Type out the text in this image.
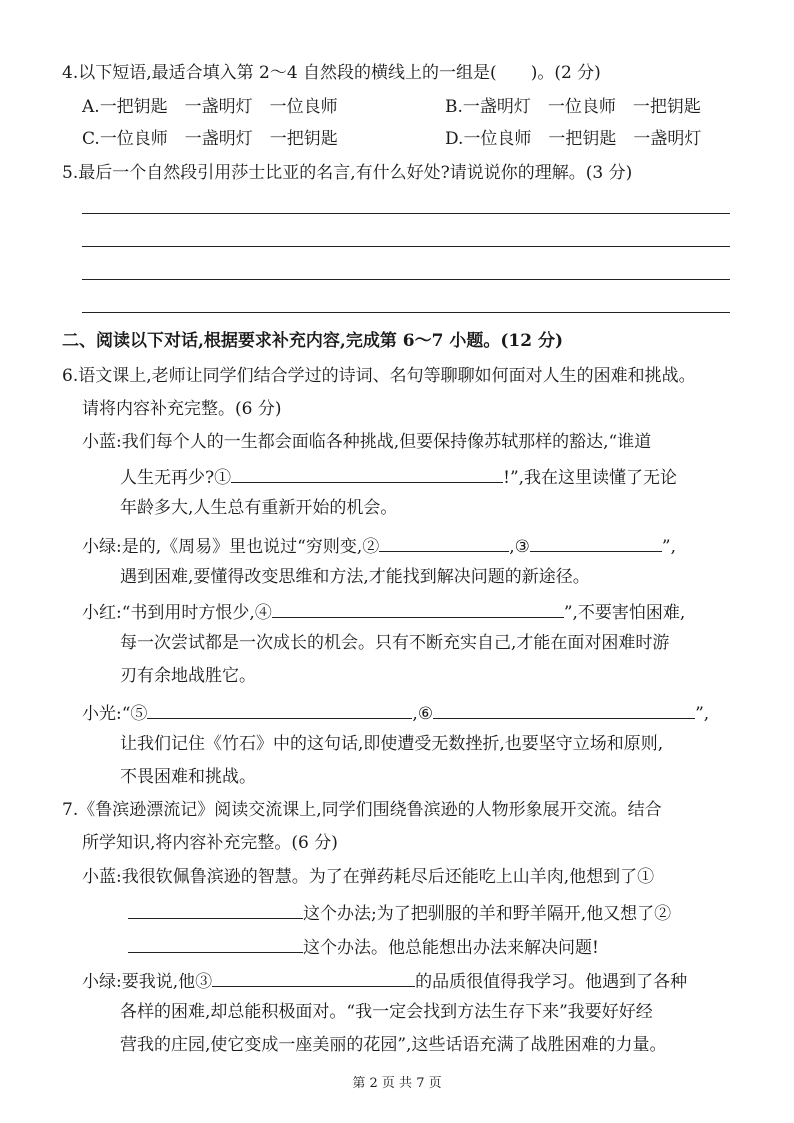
4.以下短语,最适合填入第 2～4 自然段的横线上的一组是(　　)。(2 分)
A.一把钥匙　一盏明灯　一位良师	B.一盏明灯　一位良师　一把钥匙
C.一位良师　一盏明灯　一把钥匙	D.一位良师　一把钥匙　一盏明灯
5.最后一个自然段引用莎士比亚的名言,有什么好处?请说说你的理解。(3 分)
二、阅读以下对话,根据要求补充内容,完成第 6～7 小题。(12 分)
6.语文课上,老师让同学们结合学过的诗词、名句等聊聊如何面对人生的困难和挑战。
请将内容补充完整。(6 分)
小蓝:我们每个人的一生都会面临各种挑战,但要保持像苏轼那样的豁达,“谁道
人生无再少?①	!”,我在这里读懂了无论
年龄多大,人生总有重新开始的机会。
小绿:是的,《周易》里也说过“穷则变,②	,③	”,
遇到困难,要懂得改变思维和方法,才能找到解决问题的新途径。
小红:“书到用时方恨少,④	”,不要害怕困难,
每一次尝试都是一次成长的机会。只有不断充实自己,才能在面对困难时游
刃有余地战胜它。
小光:“⑤	,⑥	”,
让我们记住《竹石》中的这句话,即使遭受无数挫折,也要坚守立场和原则,
不畏困难和挑战。
7.《鲁滨逊漂流记》阅读交流课上,同学们围绕鲁滨逊的人物形象展开交流。结合
所学知识,将内容补充完整。(6 分)
小蓝:我很钦佩鲁滨逊的智慧。为了在弹药耗尽后还能吃上山羊肉,他想到了①
这个办法;为了把驯服的羊和野羊隔开,他又想了②
这个办法。他总能想出办法来解决问题!
小绿:要我说,他③	的品质很值得我学习。他遇到了各种
各样的困难,却总能积极面对。“我一定会找到方法生存下来”我要好好经
营我的庄园,使它变成一座美丽的花园”,这些话语充满了战胜困难的力量。
第 2 页 共 7 页
